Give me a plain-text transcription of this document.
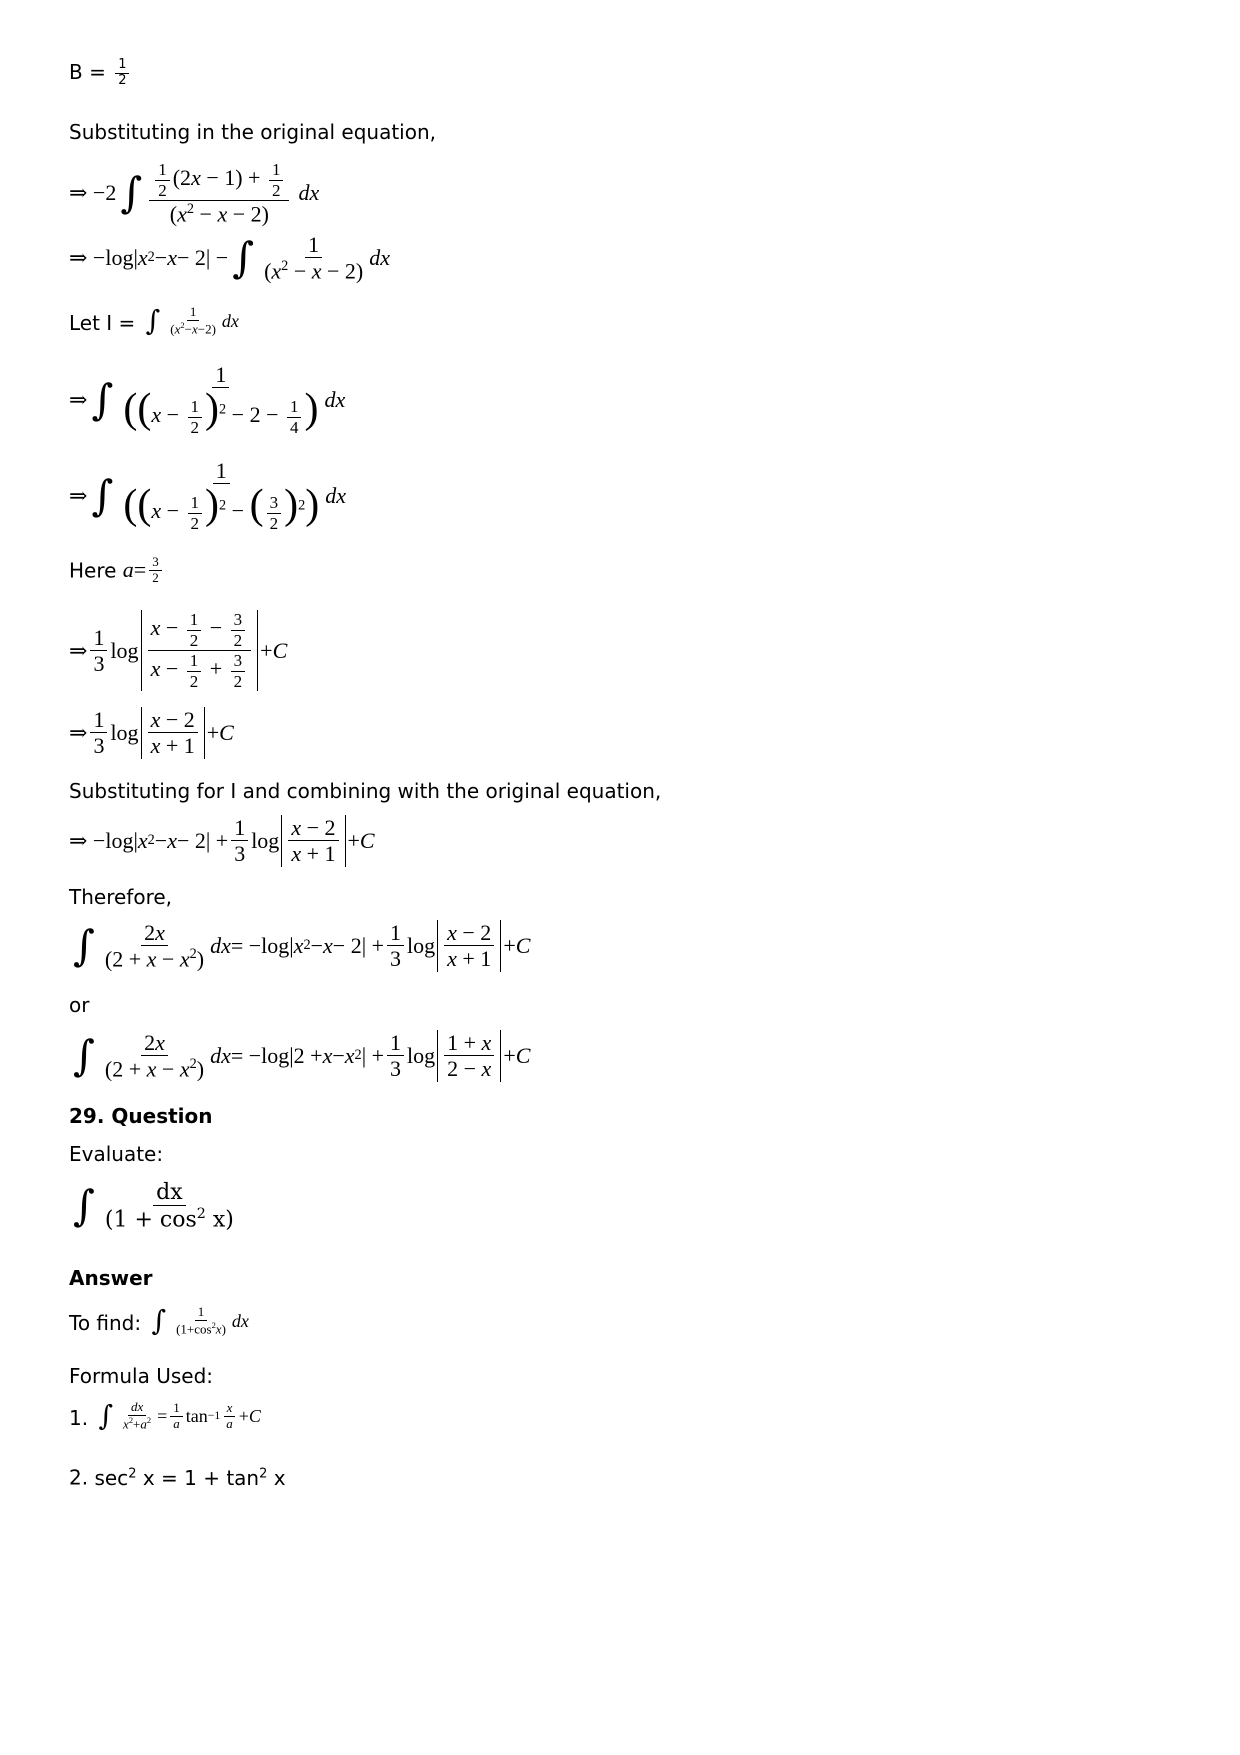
$B = \frac{1}{2}$
Substituting in the original equation,
⇒ −2 ∫ $\frac{\frac{1}{2} (2x - 1) + \frac{1}{2}}{(x^2 - x - 2)}$ dx
⇒ −log| x 2 − x − 2| − ∫ $\frac{1}{(x^2 - x - 2)}$ dx
Let I = ∫ $\frac{1}{(x^2-x-2)}$ dx
⇒ ∫ $\frac{1}{((x - \frac{1}{2} )^2 - 2 - \frac{1}{4} )}$ dx
⇒ ∫ $\frac{1}{((x - \frac{1}{2} )^2 - ( \frac{3}{2} )^2)}$ dx
Here $a = \frac{3}{2}$
⇒ $\frac{1}{3}$ $\log \frac{x - \frac{1}{2} - \frac{3}{2}}{x - \frac{1}{2} + \frac{3}{2}} + C$
⇒ $\frac{1}{3}$ $\log \frac{x - 2}{x + 1} + C$
Substituting for I and combining with the original equation,
⇒ −log| x $2 - x - 2| + \frac{1}{3}$ $\log \frac{x - 2}{x + 1} + C$
Therefore,
∫ $\frac{2x}{(2 + x - x^2)}$ dx = −log| x $2 - x - 2| + \frac{1}{3}$ $\log \frac{x - 2}{x + 1} + C$
or
∫ $\frac{2x}{(2 + x - x^2)}$ dx = −log|2 + x − x 2 | + $\frac{1}{3}$ $\log \frac{1 + x}{2 - x} + C$
29. Question
Evaluate:
∫ $\frac{dx}{(1 + \cos^2 x)}$
Answer
To find: ∫ $\frac{1}{(1+\cos^2x)}$ dx
Formula Used:
1. ∫ $\frac{dx}{x^2+a^2} = \frac{1}{a}$ $\tan -1 \frac{x}{a} + C$
2. $\sec^2 x = 1 + \tan^2 x$
